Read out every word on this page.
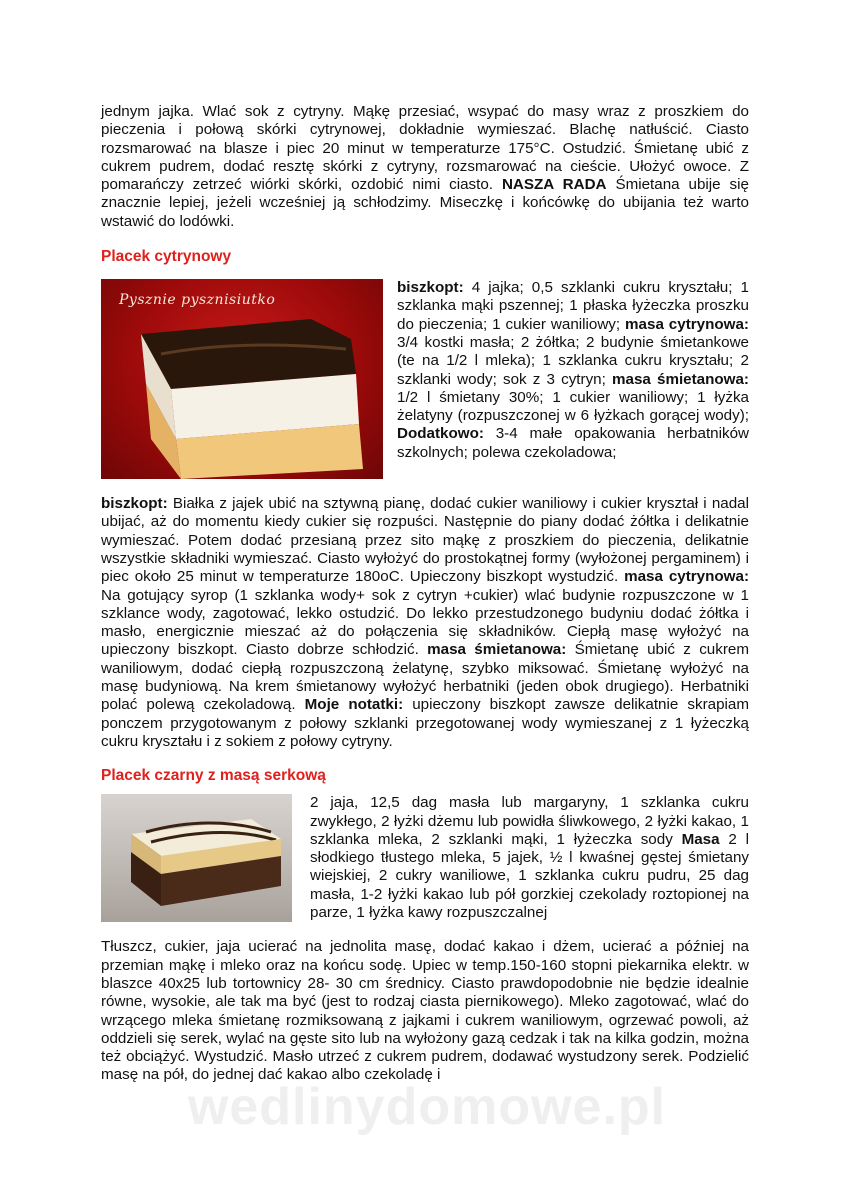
jednym jajka. Wlać sok z cytryny. Mąkę przesiać, wsypać do masy wraz z proszkiem do pieczenia i połową skórki cytrynowej, dokładnie wymieszać. Blachę natłuścić. Ciasto rozsmarować na blasze i piec 20 minut w temperaturze 175°C. Ostudzić. Śmietanę ubić z cukrem pudrem, dodać resztę skórki z cytryny, rozsmarować na cieście. Ułożyć owoce. Z pomarańczy zetrzeć wiórki skórki, ozdobić nimi ciasto. NASZA RADA Śmietana ubije się znacznie lepiej, jeżeli wcześniej ją schłodzimy. Miseczkę i końcówkę do ubijania też warto wstawić do lodówki.

Placek cytrynowy
Pysznie pysznisiutko

biszkopt: 4 jajka; 0,5 szklanki cukru kryształu; 1 szklanka mąki pszennej; 1 płaska łyżeczka proszku do pieczenia; 1 cukier waniliowy; masa cytrynowa: 3/4 kostki masła; 2 żółtka; 2 budynie śmietankowe (te na 1/2 l mleka); 1 szklanka cukru kryształu; 2 szklanki wody; sok z 3 cytryn; masa śmietanowa: 1/2 l śmietany 30%; 1 cukier waniliowy; 1 łyżka żelatyny (rozpuszczonej w 6 łyżkach gorącej wody); Dodatkowo: 3-4 małe opakowania herbatników szkolnych; polewa czekoladowa;

biszkopt: Białka z jajek ubić na sztywną pianę, dodać cukier waniliowy i cukier kryształ i nadal ubijać, aż do momentu kiedy cukier się rozpuści. Następnie do piany dodać żółtka i delikatnie wymieszać. Potem dodać przesianą przez sito mąkę z proszkiem do pieczenia, delikatnie wszystkie składniki wymieszać. Ciasto wyłożyć do prostokątnej formy (wyłożonej pergaminem) i piec około 25 minut w temperaturze 180oC. Upieczony biszkopt wystudzić. masa cytrynowa: Na gotujący syrop (1 szklanka wody+ sok z cytryn +cukier) wlać budynie rozpuszczone w 1 szklance wody, zagotować, lekko ostudzić. Do lekko przestudzonego budyniu dodać żółtka i masło, energicznie mieszać aż do połączenia się składników. Ciepłą masę wyłożyć na upieczony biszkopt. Ciasto dobrze schłodzić. masa śmietanowa: Śmietanę ubić z cukrem waniliowym, dodać ciepłą rozpuszczoną żelatynę, szybko miksować. Śmietanę wyłożyć na masę budyniową. Na krem śmietanowy wyłożyć herbatniki (jeden obok drugiego). Herbatniki polać polewą czekoladową. Moje notatki: upieczony biszkopt zawsze delikatnie skrapiam ponczem przygotowanym z połowy szklanki przegotowanej wody wymieszanej z 1 łyżeczką cukru kryształu i z sokiem z połowy cytryny.

Placek czarny z masą serkową

2 jaja, 12,5 dag masła lub margaryny, 1 szklanka cukru zwykłego, 2 łyżki dżemu lub powidła śliwkowego, 2 łyżki kakao, 1 szklanka mleka, 2 szklanki mąki, 1 łyżeczka sody Masa 2 l słodkiego tłustego mleka, 5 jajek, ½ l kwaśnej gęstej śmietany wiejskiej, 2 cukry waniliowe, 1 szklanka cukru pudru, 25 dag masła, 1-2 łyżki kakao lub pół gorzkiej czekolady roztopionej na parze, 1 łyżka kawy rozpuszczalnej

Tłuszcz, cukier, jaja ucierać na jednolita masę, dodać kakao i dżem, ucierać a później na przemian mąkę i mleko oraz na końcu sodę. Upiec w temp.150-160 stopni piekarnika elektr. w blaszce 40x25 lub tortownicy 28- 30 cm średnicy. Ciasto prawdopodobnie nie będzie idealnie równe, wysokie, ale tak ma być (jest to rodzaj ciasta piernikowego). Mleko zagotować, wlać do wrzącego mleka śmietanę rozmiksowaną z jajkami i cukrem waniliowym, ogrzewać powoli, aż oddzieli się serek, wylać na gęste sito lub na wyłożony gazą cedzak i tak na kilka godzin, można też obciążyć. Wystudzić. Masło utrzeć z cukrem pudrem, dodawać wystudzony serek. Podzielić masę na pół, do jednej dać kakao albo czekoladę i

wedlinydomowe.pl
